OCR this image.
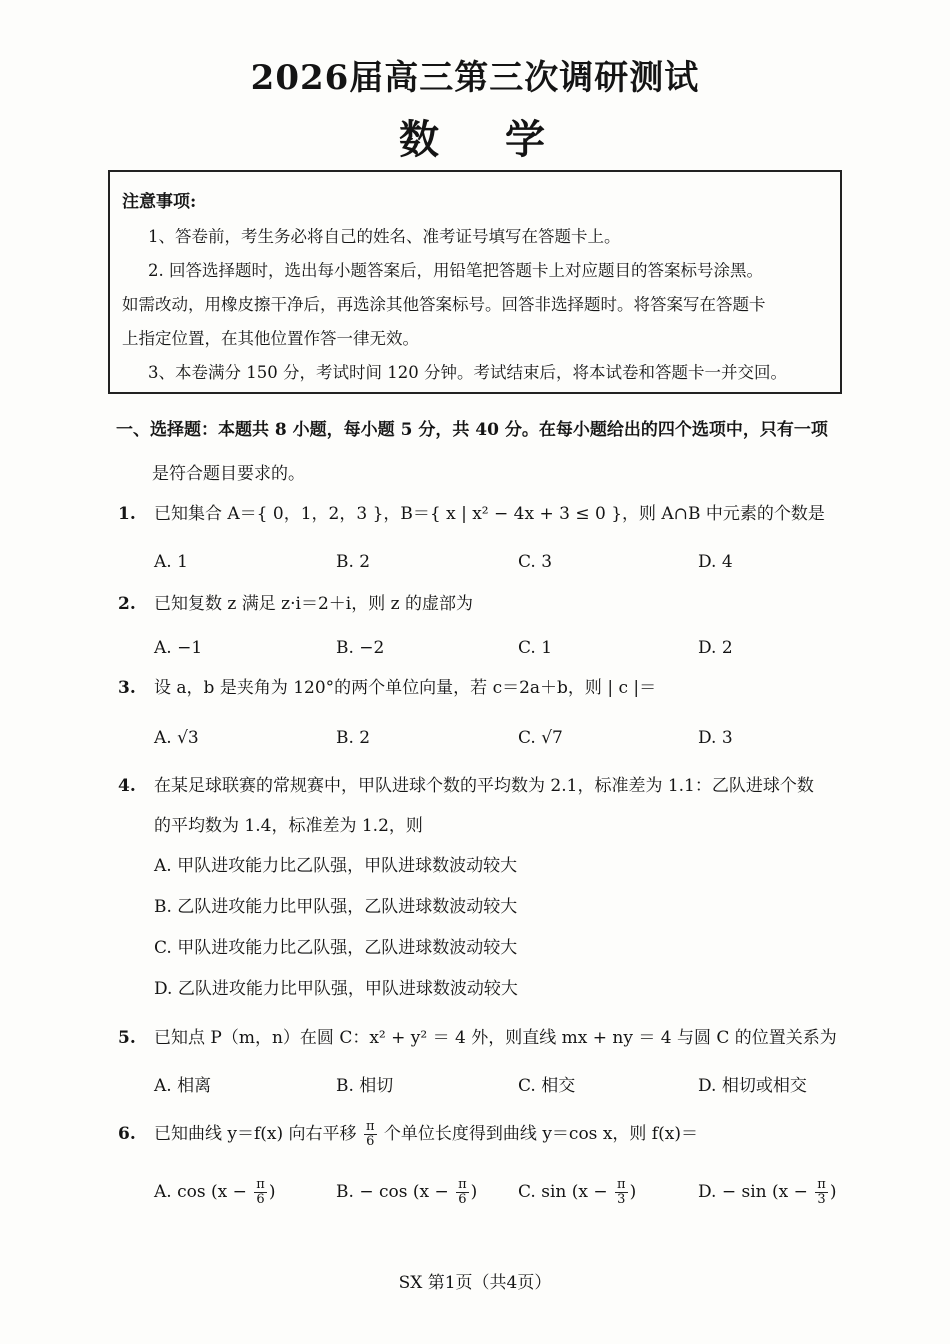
2026届高三第三次调研测试
数学

注意事项:

1、答卷前，考生务必将自己的姓名、准考证号填写在答题卡上。

2. 回答选择题时，选出每小题答案后，用铅笔把答题卡上对应题目的答案标号涂黑。

如需改动，用橡皮擦干净后，再选涂其他答案标号。回答非选择题时。将答案写在答题卡

上指定位置，在其他位置作答一律无效。

3、本卷满分 150 分，考试时间 120 分钟。考试结束后，将本试卷和答题卡一并交回。

一、选择题：本题共 8 小题，每小题 5 分，共 40 分。在每小题给出的四个选项中，只有一项
是符合题目要求的。
1. 已知集合 A＝{ 0，1，2，3 }，B＝{ x | x² − 4x + 3 ≤ 0 }，则 A∩B 中元素的个数是
A. 1	B. 2	C. 3	D. 4
2. 已知复数 z 满足 z·i＝2＋i，则 z 的虚部为
A. −1	B. −2	C. 1	D. 2
3. 设 a，b 是夹角为 120°的两个单位向量，若 c＝2a＋b，则 | c |＝
A. √3	B. 2	C. √7	D. 3
4. 在某足球联赛的常规赛中，甲队进球个数的平均数为 2.1，标准差为 1.1：乙队进球个数
的平均数为 1.4，标准差为 1.2，则
A. 甲队进攻能力比乙队强，甲队进球数波动较大
B. 乙队进攻能力比甲队强，乙队进球数波动较大
C. 甲队进攻能力比乙队强，乙队进球数波动较大
D. 乙队进攻能力比甲队强，甲队进球数波动较大
5. 已知点 P（m，n）在圆 C：x² + y² ＝ 4 外，则直线 mx + ny ＝ 4 与圆 C 的位置关系为
A. 相离	B. 相切	C. 相交	D. 相切或相交
6. 已知曲线 y＝f(x) 向右平移 $\frac{\pi}{6}$ 个单位长度得到曲线 y＝cos x，则 f(x)＝
A. $\cos (x - \frac{\pi}{6}$ )	B. − $\cos (x - \frac{\pi}{6}$ ) C. $\sin (x - \frac{\pi}{3}$ )	D. − $\sin (x - \frac{\pi}{3}$ )
SX 第1页（共4页）
